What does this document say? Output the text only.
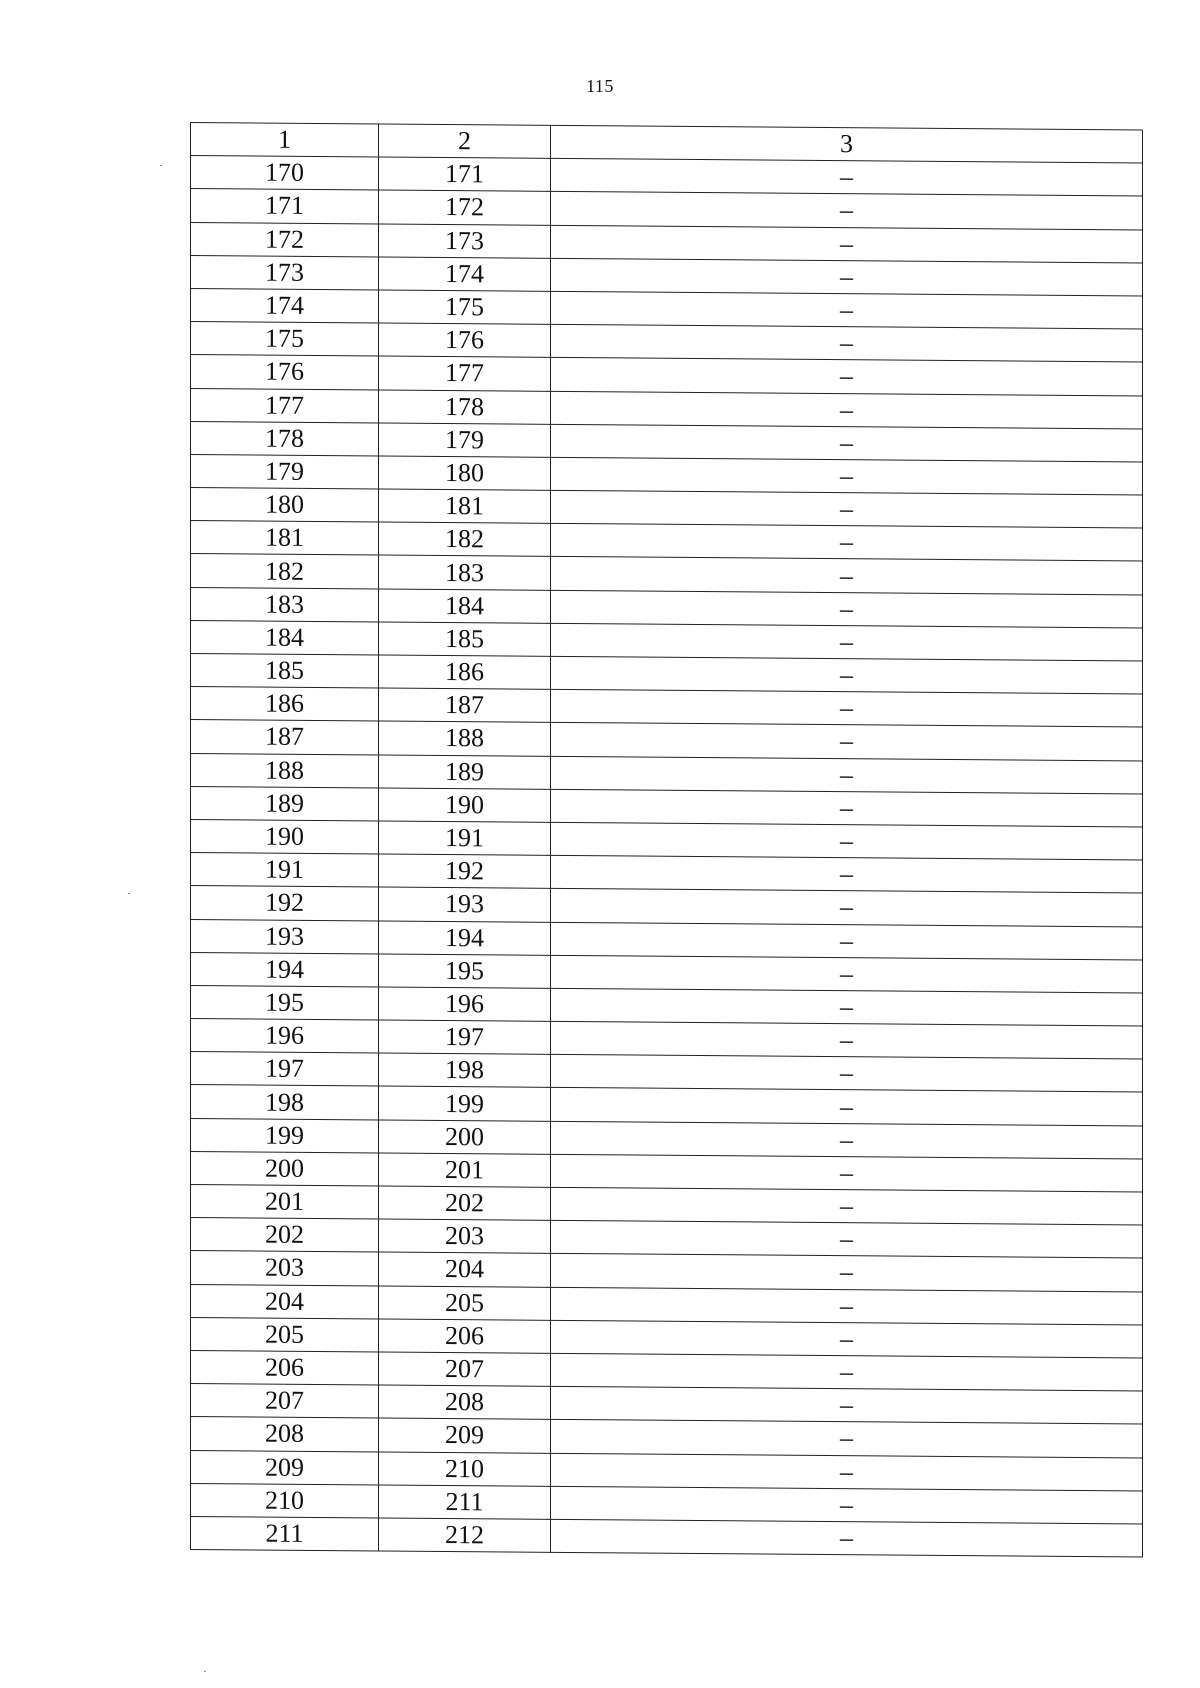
115
1	2	3
170	171	–
171	172	–
172	173	–
173	174	–
174	175	–
175	176	–
176	177	–
177	178	–
178	179	–
179	180	–
180	181	–
181	182	–
182	183	–
183	184	–
184	185	–
185	186	–
186	187	–
187	188	–
188	189	–
189	190	–
190	191	–
191	192	–
192	193	–
193	194	–
194	195	–
195	196	–
196	197	–
197	198	–
198	199	–
199	200	–
200	201	–
201	202	–
202	203	–
203	204	–
204	205	–
205	206	–
206	207	–
207	208	–
208	209	–
209	210	–
210	211	–
211	212	–
